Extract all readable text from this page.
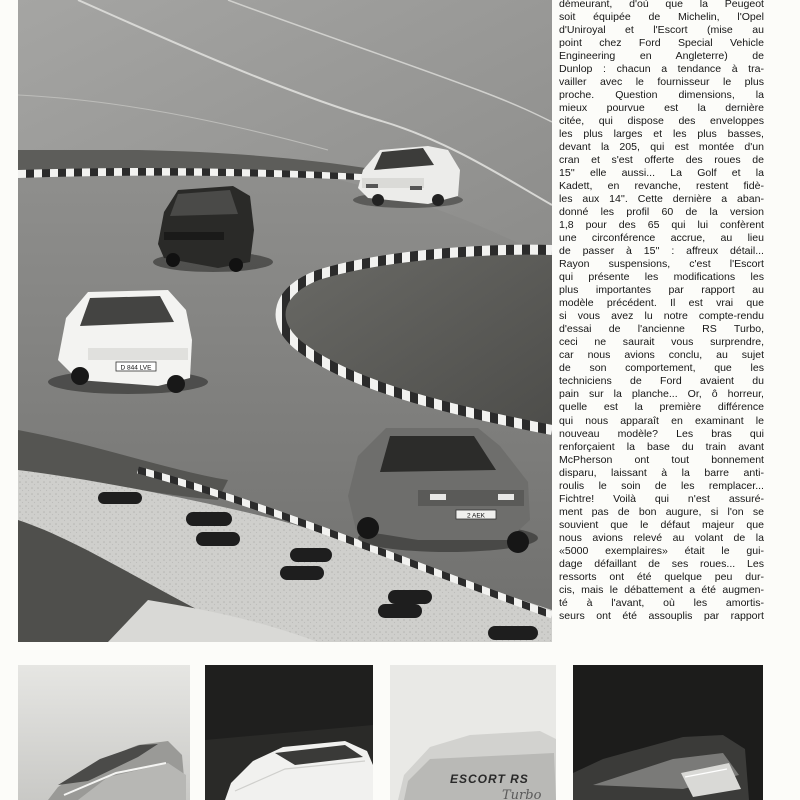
D 844 LVE
2 AEK
démeurant, d'où que la Peugeot
soit équipée de Michelin, l'Opel
d'Uniroyal et l'Escort (mise au
point chez Ford Special Vehicle
Engineering en Angleterre) de
Dunlop : chacun a tendance à tra-
vailler avec le fournisseur le plus
proche. Question dimensions, la
mieux pourvue est la dernière
citée, qui dispose des enveloppes
les plus larges et les plus basses,
devant la 205, qui est montée d'un
cran et s'est offerte des roues de
15'' elle aussi... La Golf et la
Kadett, en revanche, restent fidè-
les aux 14''. Cette dernière a aban-
donné les profil 60 de la version
1,8 pour des 65 qui lui confèrent
une circonférence accrue, au lieu
de passer à 15'' : affreux détail...
Rayon suspensions, c'est l'Escort
qui présente les modifications les
plus importantes par rapport au
modèle précédent. Il est vrai que
si vous avez lu notre compte-rendu
d'essai de l'ancienne RS Turbo,
ceci ne saurait vous surprendre,
car nous avions conclu, au sujet
de son comportement, que les
techniciens de Ford avaient du
pain sur la planche... Or, ô horreur,
quelle est la première différence
qui nous apparaît en examinant le
nouveau modèle? Les bras qui
renforçaient la base du train avant
McPherson ont tout bonnement
disparu, laissant à la barre anti-
roulis le soin de les remplacer...
Fichtre! Voilà qui n'est assuré-
ment pas de bon augure, si l'on se
souvient que le défaut majeur que
nous avions relevé au volant de la
«5000 exemplaires» était le gui-
dage défaillant de ses roues... Les
ressorts ont été quelque peu dur-
cis, mais le débattement a été augmen-
té à l'avant, où les amortis-
seurs ont été assouplis par rapport
ESCORT RS
Turbo
